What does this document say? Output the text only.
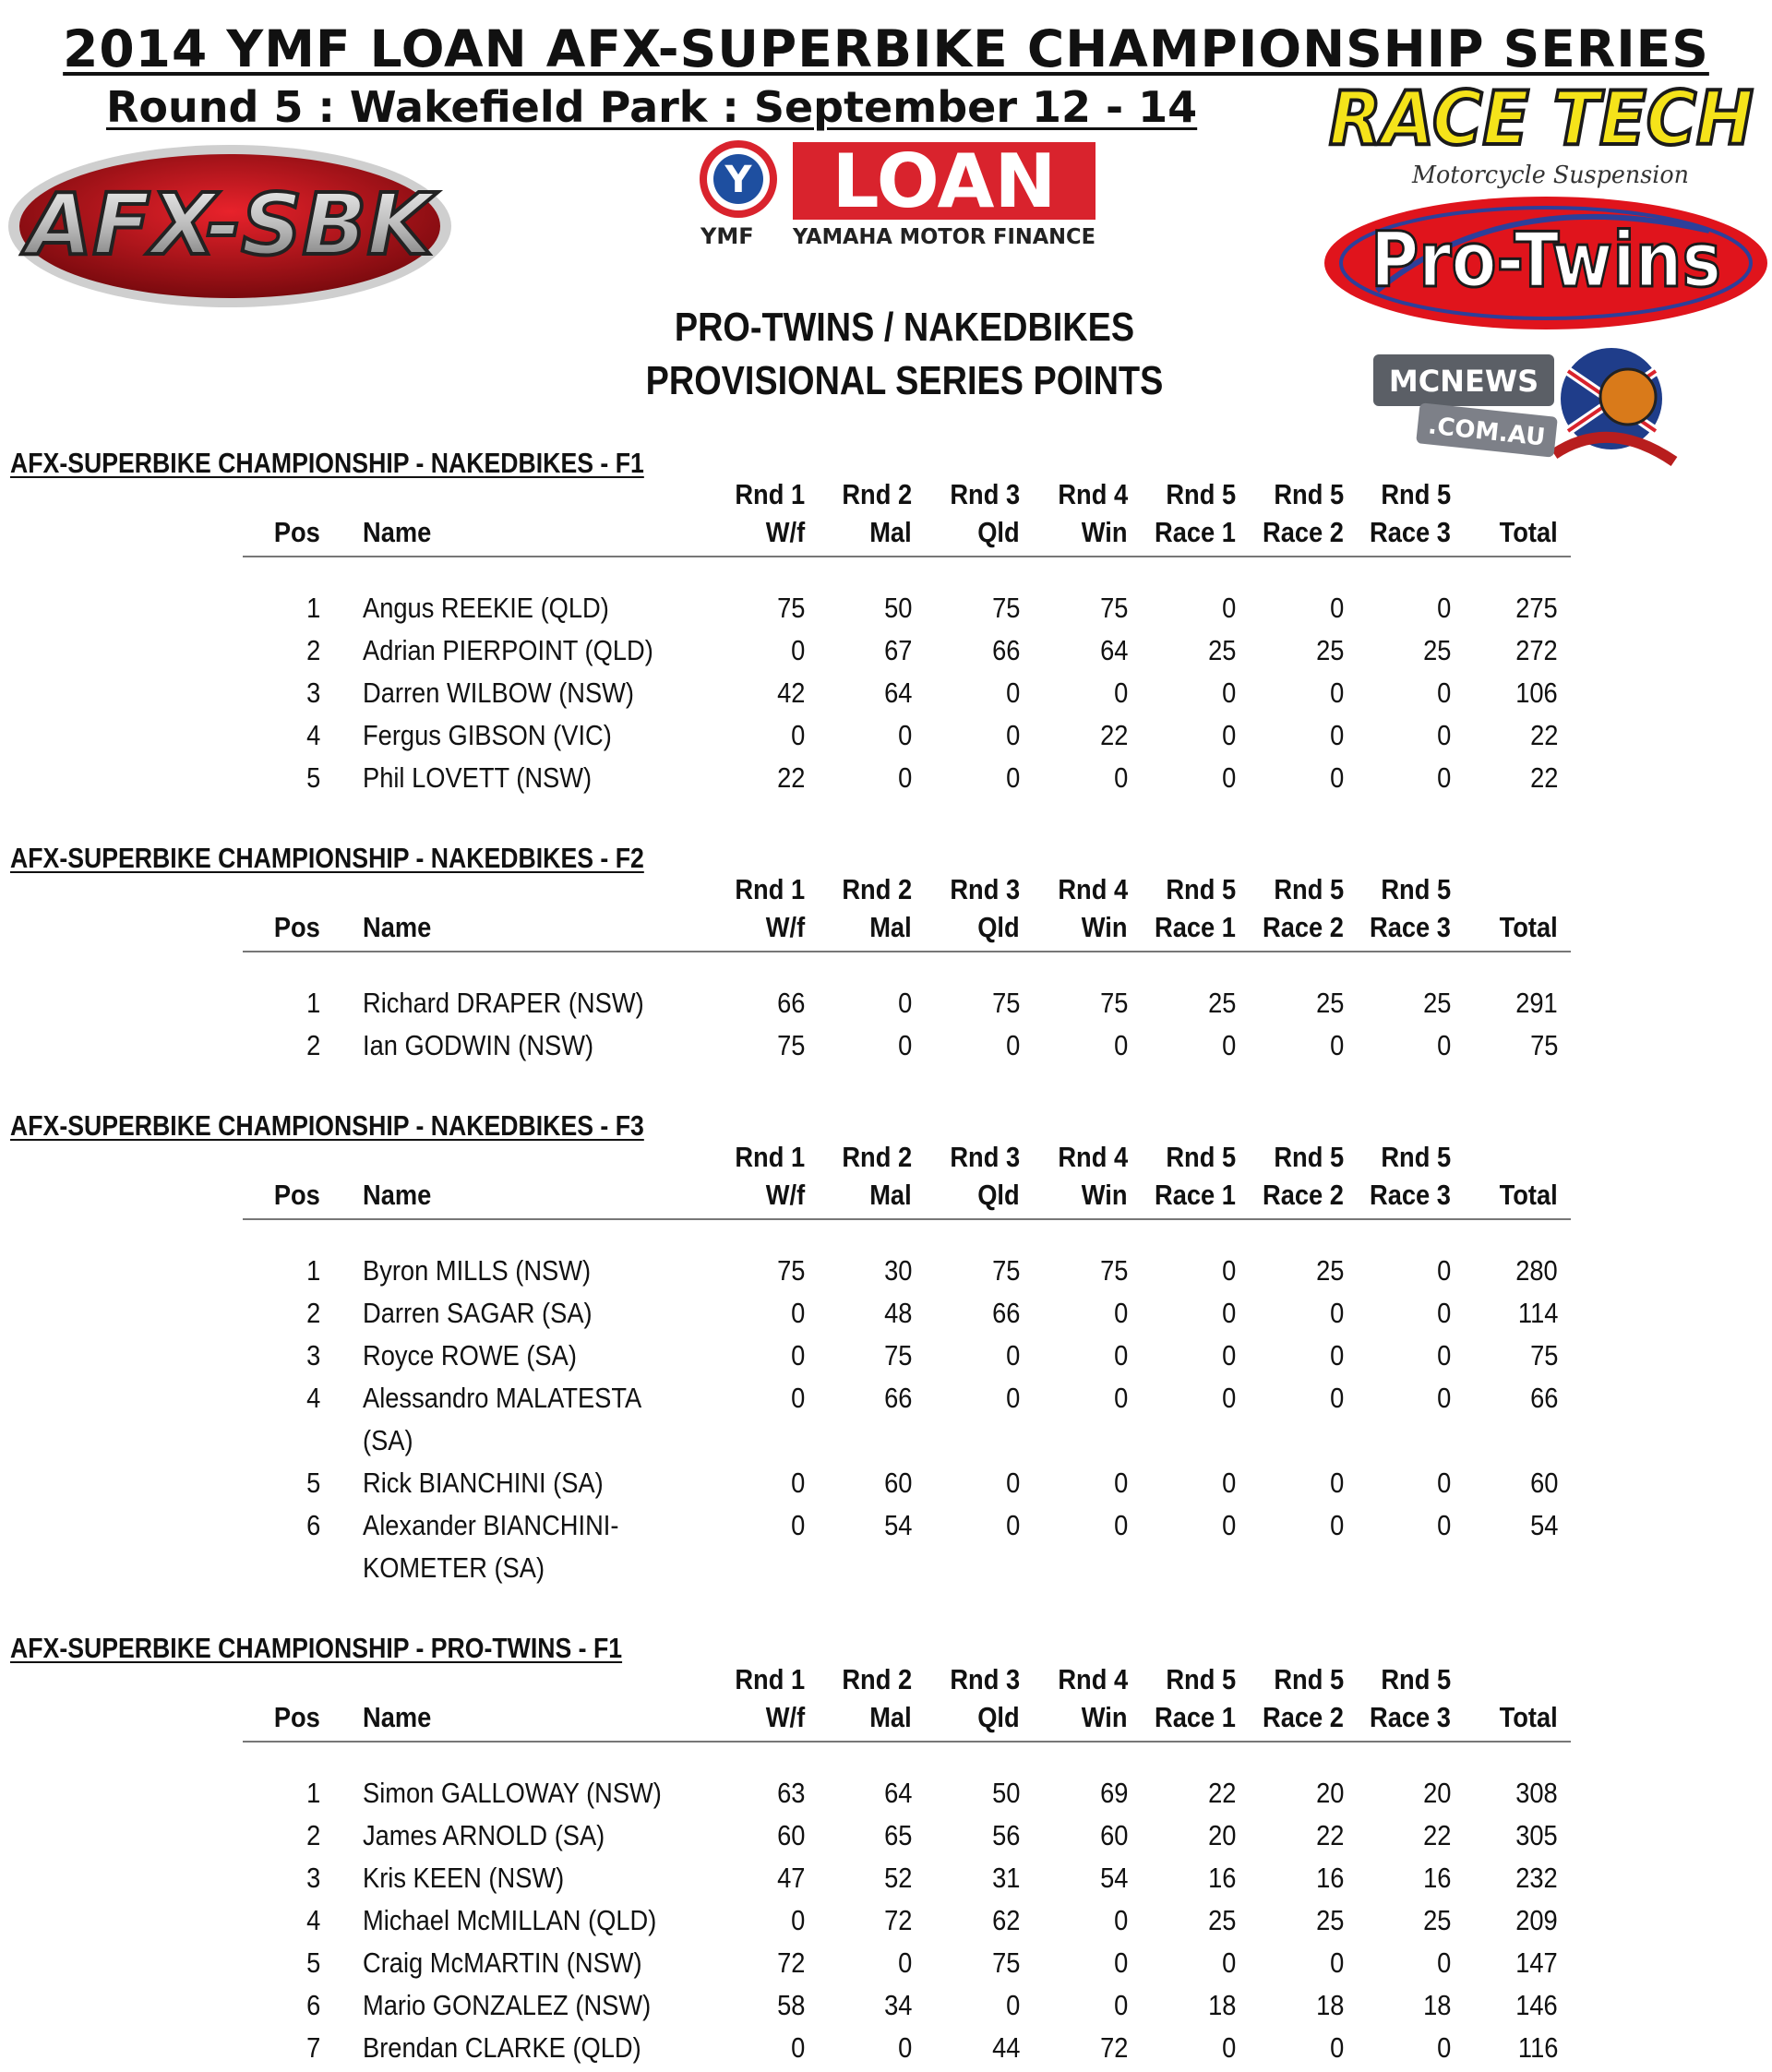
2014 YMF LOAN AFX-SUPERBIKE CHAMPIONSHIP SERIES
Round 5 : Wakefield Park : September 12 - 14
AFX-SBK	Y LOAN
YMF YAMAHA MOTOR FINANCE
RACE TECH
Motorcycle Suspension
Pro-Twins
MCNEWS
.COM.AU
PRO-TWINS / NAKEDBIKES
PROVISIONAL SERIES POINTS
AFX-SUPERBIKE CHAMPIONSHIP - NAKEDBIKES - F1
Rnd 1 Rnd 2 Rnd 3 Rnd 4 Rnd 5 Rnd 5 Rnd 5
Pos Name	W/f Mal Qld Win Race 1 Race 2 Race 3 Total
1 Angus REEKIE (QLD)	75	50	75	75	0	0	0 275
2 Adrian PIERPOINT (QLD)	0	67	66	64	25	25	25 272
3 Darren WILBOW (NSW)	42	64	0	0	0	0	0 106
4 Fergus GIBSON (VIC)	0	0	0	22	0	0	0	22
5 Phil LOVETT (NSW)	22	0	0	0	0	0	0	22
AFX-SUPERBIKE CHAMPIONSHIP - NAKEDBIKES - F2
Rnd 1 Rnd 2 Rnd 3 Rnd 4 Rnd 5 Rnd 5 Rnd 5
Pos Name	W/f Mal Qld Win Race 1 Race 2 Race 3 Total
1 Richard DRAPER (NSW)	66	0	75	75	25	25	25 291
2 Ian GODWIN (NSW)	75	0	0	0	0	0	0	75
AFX-SUPERBIKE CHAMPIONSHIP - NAKEDBIKES - F3
Rnd 1 Rnd 2 Rnd 3 Rnd 4 Rnd 5 Rnd 5 Rnd 5
Pos Name	W/f Mal Qld Win Race 1 Race 2 Race 3 Total
1 Byron MILLS (NSW)	75	30	75	75	0	25	0 280
2 Darren SAGAR (SA)	0	48	66	0	0	0	0 114
3 Royce ROWE (SA)	0	75	0	0	0	0	0	75
4 Alessandro MALATESTA	0	66	0	0	0	0	0	66
(SA)
5 Rick BIANCHINI (SA)	0	60	0	0	0	0	0	60
6 Alexander BIANCHINI-	0	54	0	0	0	0	0	54
KOMETER (SA)
AFX-SUPERBIKE CHAMPIONSHIP - PRO-TWINS - F1
Rnd 1 Rnd 2 Rnd 3 Rnd 4 Rnd 5 Rnd 5 Rnd 5
Pos Name	W/f Mal Qld Win Race 1 Race 2 Race 3 Total
1 Simon GALLOWAY (NSW)	63	64	50	69	22	20	20 308
2 James ARNOLD (SA)	60	65	56	60	20	22	22 305
3 Kris KEEN (NSW)	47	52	31	54	16	16	16 232
4 Michael McMILLAN (QLD)	0	72	62	0	25	25	25 209
5 Craig McMARTIN (NSW)	72	0	75	0	0	0	0 147
6 Mario GONZALEZ (NSW)	58	34	0	0	18	18	18 146
7 Brendan CLARKE (QLD)	0	0	44	72	0	0	0 116
